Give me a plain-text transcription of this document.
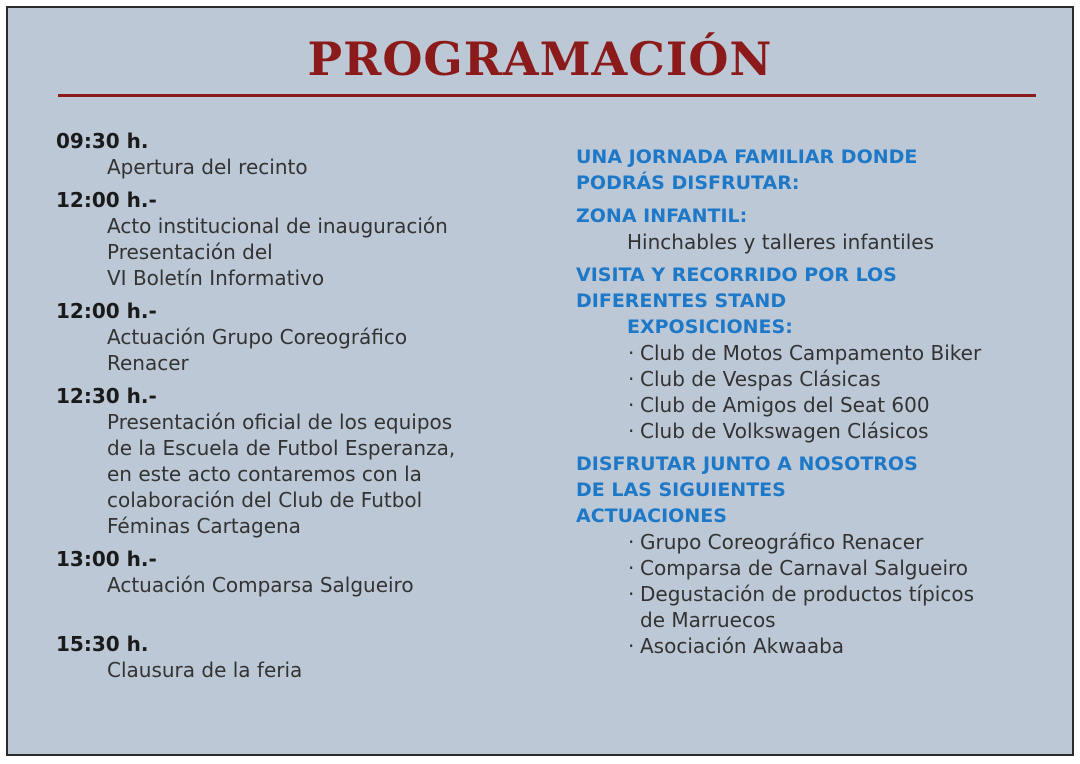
PROGRAMACIÓN
09:30 h.
Apertura del recinto
12:00 h.-
Acto institucional de inauguración
Presentación del
VI Boletín Informativo
12:00 h.-
Actuación Grupo Coreográfico
Renacer
12:30 h.-
Presentación oficial de los equipos
de la Escuela de Futbol Esperanza,
en este acto contaremos con la
colaboración del Club de Futbol
Féminas Cartagena
13:00 h.-
Actuación Comparsa Salgueiro
15:30 h.
Clausura de la feria
UNA JORNADA FAMILIAR DONDE
PODRÁS DISFRUTAR:
ZONA INFANTIL:
Hinchables y talleres infantiles
VISITA Y RECORRIDO POR LOS
DIFERENTES STAND
EXPOSICIONES:
· Club de Motos Campamento Biker
· Club de Vespas Clásicas
· Club de Amigos del Seat 600
· Club de Volkswagen Clásicos
DISFRUTAR JUNTO A NOSOTROS
DE LAS SIGUIENTES
ACTUACIONES
· Grupo Coreográfico Renacer
· Comparsa de Carnaval Salgueiro
· Degustación de productos típicos
de Marruecos
· Asociación Akwaaba
